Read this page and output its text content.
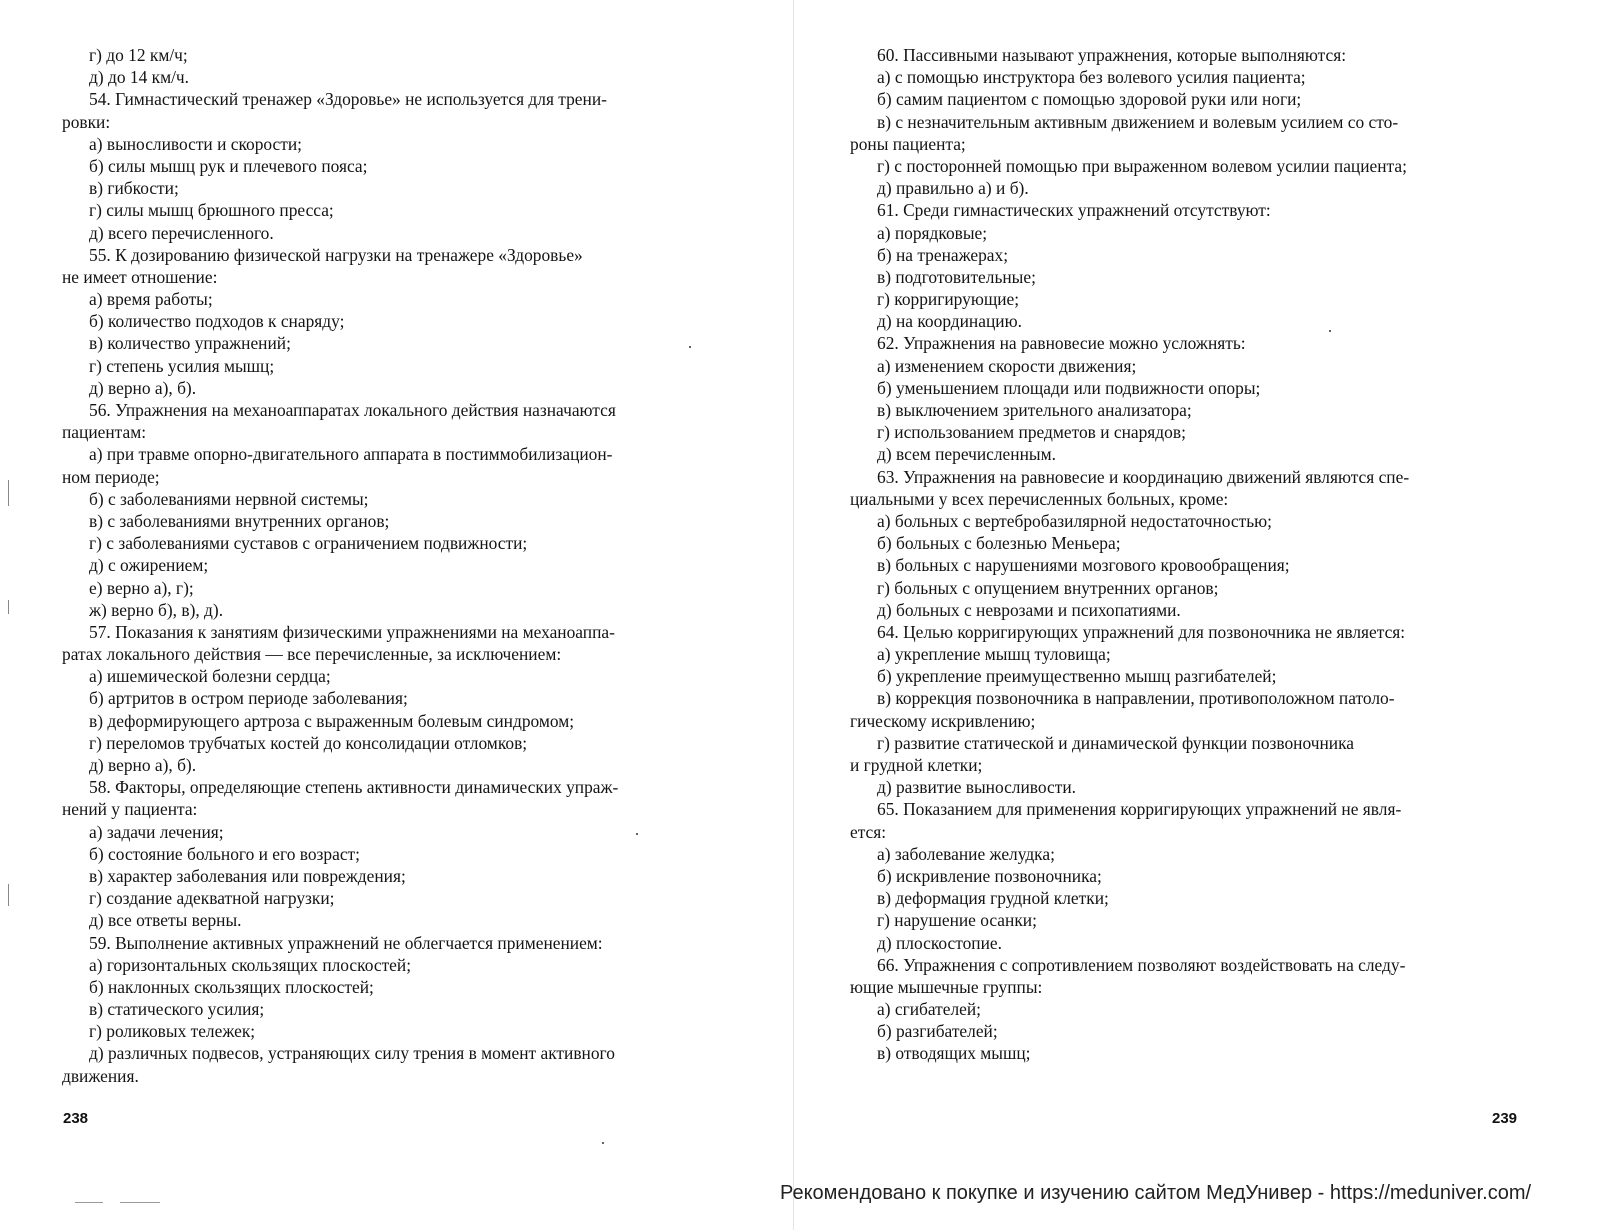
г) до 12 км/ч;
д) до 14 км/ч.
54. Гимнастический тренажер «Здоровье» не используется для трени-
ровки:
а) выносливости и скорости;
б) силы мышц рук и плечевого пояса;
в) гибкости;
г) силы мышц брюшного пресса;
д) всего перечисленного.
55. К дозированию физической нагрузки на тренажере «Здоровье»
не имеет отношение:
а) время работы;
б) количество подходов к снаряду;
в) количество упражнений;
г) степень усилия мышц;
д) верно а), б).
56. Упражнения на механоаппаратах локального действия назначаются
пациентам:
а) при травме опорно-двигательного аппарата в постиммобилизацион-
ном периоде;
б) с заболеваниями нервной системы;
в) с заболеваниями внутренних органов;
г) с заболеваниями суставов с ограничением подвижности;
д) с ожирением;
е) верно а), г);
ж) верно б), в), д).
57. Показания к занятиям физическими упражнениями на механоаппа-
ратах локального действия — все перечисленные, за исключением:
а) ишемической болезни сердца;
б) артритов в остром периоде заболевания;
в) деформирующего артроза с выраженным болевым синдромом;
г) переломов трубчатых костей до консолидации отломков;
д) верно а), б).
58. Факторы, определяющие степень активности динамических упраж-
нений у пациента:
а) задачи лечения;
б) состояние больного и его возраст;
в) характер заболевания или повреждения;
г) создание адекватной нагрузки;
д) все ответы верны.
59. Выполнение активных упражнений не облегчается применением:
а) горизонтальных скользящих плоскостей;
б) наклонных скользящих плоскостей;
в) статического усилия;
г) роликовых тележек;
д) различных подвесов, устраняющих силу трения в момент активного
движения.
60. Пассивными называют упражнения, которые выполняются:
а) с помощью инструктора без волевого усилия пациента;
б) самим пациентом с помощью здоровой руки или ноги;
в) с незначительным активным движением и волевым усилием со сто-
роны пациента;
г) с посторонней помощью при выраженном волевом усилии пациента;
д) правильно а) и б).
61. Среди гимнастических упражнений отсутствуют:
а) порядковые;
б) на тренажерах;
в) подготовительные;
г) корригирующие;
д) на координацию.
62. Упражнения на равновесие можно усложнять:
а) изменением скорости движения;
б) уменьшением площади или подвижности опоры;
в) выключением зрительного анализатора;
г) использованием предметов и снарядов;
д) всем перечисленным.
63. Упражнения на равновесие и координацию движений являются спе-
циальными у всех перечисленных больных, кроме:
а) больных с вертебробазилярной недостаточностью;
б) больных с болезнью Меньера;
в) больных с нарушениями мозгового кровообращения;
г) больных с опущением внутренних органов;
д) больных с неврозами и психопатиями.
64. Целью корригирующих упражнений для позвоночника не является:
а) укрепление мышц туловища;
б) укрепление преимущественно мышц разгибателей;
в) коррекция позвоночника в направлении, противоположном патоло-
гическому искривлению;
г) развитие статической и динамической функции позвоночника
и грудной клетки;
д) развитие выносливости.
65. Показанием для применения корригирующих упражнений не явля-
ется:
а) заболевание желудка;
б) искривление позвоночника;
в) деформация грудной клетки;
г) нарушение осанки;
д) плоскостопие.
66. Упражнения с сопротивлением позволяют воздействовать на следу-
ющие мышечные группы:
а) сгибателей;
б) разгибателей;
в) отводящих мышц;
238	239
Рекомендовано к покупке и изучению сайтом МедУнивер - https://meduniver.com/
